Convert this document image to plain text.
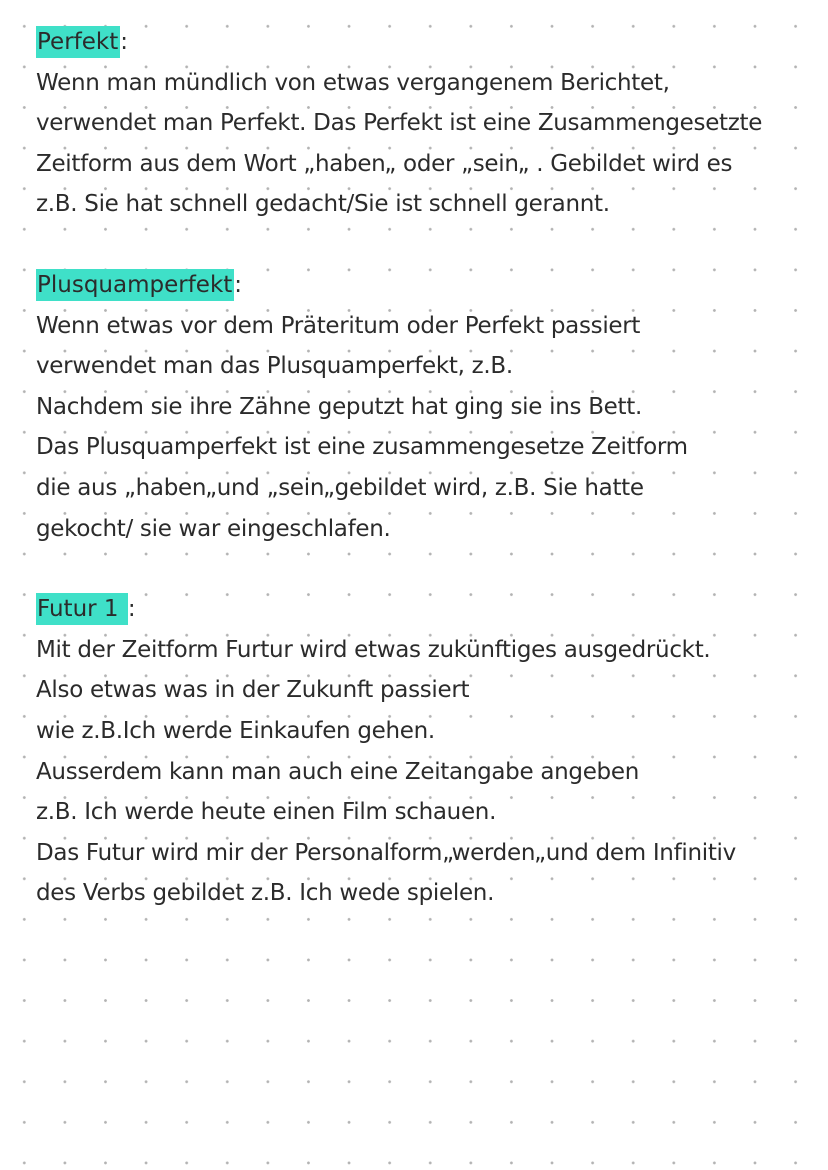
Perfekt:
Wenn man mündlich von etwas vergangenem Berichtet,
verwendet man Perfekt. Das Perfekt ist eine Zusammengesetzte
Zeitform aus dem Wort „haben„ oder „sein„ . Gebildet wird es
z.B. Sie hat schnell gedacht/Sie ist schnell gerannt.
Plusquamperfekt:
Wenn etwas vor dem Präteritum oder Perfekt passiert
verwendet man das Plusquamperfekt, z.B.
Nachdem sie ihre Zähne geputzt hat ging sie ins Bett.
Das Plusquamperfekt ist eine zusammengesetze Zeitform
die aus „haben„und „sein„gebildet wird, z.B. Sie hatte
gekocht/ sie war eingeschlafen.
Futur 1 :
Mit der Zeitform Furtur wird etwas zukünftiges ausgedrückt.
Also etwas was in der Zukunft passiert
wie z.B.Ich werde Einkaufen gehen.
Ausserdem kann man auch eine Zeitangabe angeben
z.B. Ich werde heute einen Film schauen.
Das Futur wird mir der Personalform„werden„und dem Infinitiv
des Verbs gebildet z.B. Ich wede spielen.
